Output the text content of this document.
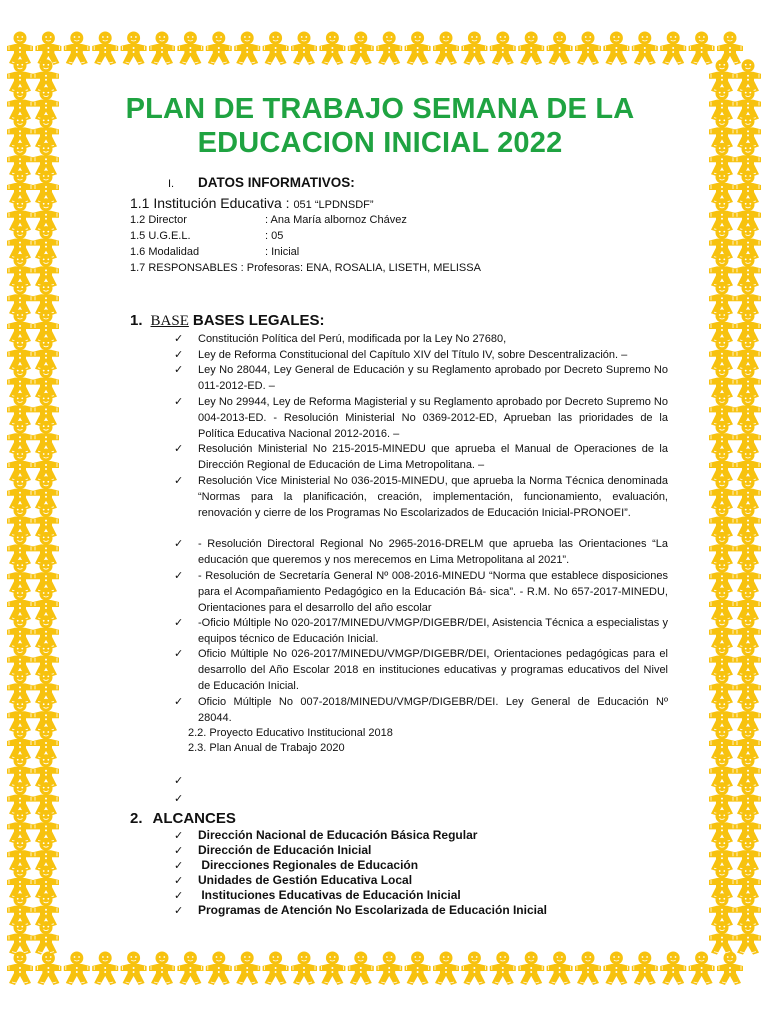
PLAN DE TRABAJO SEMANA DE LA
EDUCACION INICIAL 2022
I. DATOS INFORMATIVOS:
1.1 Institución Educativa : 051 “LPDNSDF”
1.2 Director	: Ana María albornoz Chávez
1.5 U.G.E.L.	: 05
1.6 Modalidad	: Inicial
1.7 RESPONSABLES : Profesoras: ENA, ROSALIA, LISETH, MELISSA
1. BASE BASES LEGALES:
✓ Constitución Política del Perú, modificada por la Ley No 27680,
✓ Ley de Reforma Constitucional del Capítulo XIV del Título IV, sobre Descentralización. –
✓ Ley No 28044, Ley General de Educación y su Reglamento aprobado por Decreto Supremo No 011-2012-ED. –
✓ Ley No 29944, Ley de Reforma Magisterial y su Reglamento aprobado por Decreto Supremo No 004-2013-ED. - Resolución Ministerial No 0369-2012-ED, Aprueban las prioridades de la Política Educativa Nacional 2012-2016. –
✓ Resolución Ministerial No 215-2015-MINEDU que aprueba el Manual de Operaciones de la Dirección Regional de Educación de Lima Metropolitana. –
✓ Resolución Vice Ministerial No 036-2015-MINEDU, que aprueba la Norma Técnica denominada “Normas para la planificación, creación, implementación, funcionamiento, evaluación, renovación y cierre de los Programas No Escolarizados de Educación Inicial-PRONOEI”.
✓ - Resolución Directoral Regional No 2965-2016-DRELM que aprueba las Orientaciones “La educación que queremos y nos merecemos en Lima Metropolitana al 2021”.
✓ - Resolución de Secretaría General Nº 008-2016-MINEDU “Norma que establece disposiciones para el Acompañamiento Pedagógico en la Educación Bá- sica”. - R.M. No 657-2017-MINEDU, Orientaciones para el desarrollo del año escolar
✓ -Oficio Múltiple No 020-2017/MINEDU/VMGP/DIGEBR/DEI, Asistencia Técnica a especialistas y equipos técnico de Educación Inicial.
✓ Oficio Múltiple No 026-2017/MINEDU/VMGP/DIGEBR/DEI, Orientaciones pedagógicas para el desarrollo del Año Escolar 2018 en instituciones educativas y programas educativos del Nivel de Educación Inicial.
✓ Oficio Múltiple No 007-2018/MINEDU/VMGP/DIGEBR/DEI. Ley General de Educación Nº 28044.
2.2. Proyecto Educativo Institucional 2018
2.3. Plan Anual de Trabajo 2020
✓
✓
2. ALCANCES
✓ Dirección Nacional de Educación Básica Regular
✓ Dirección de Educación Inicial
✓ Direcciones Regionales de Educación
✓ Unidades de Gestión Educativa Local
✓ Instituciones Educativas de Educación Inicial
✓ Programas de Atención No Escolarizada de Educación Inicial
